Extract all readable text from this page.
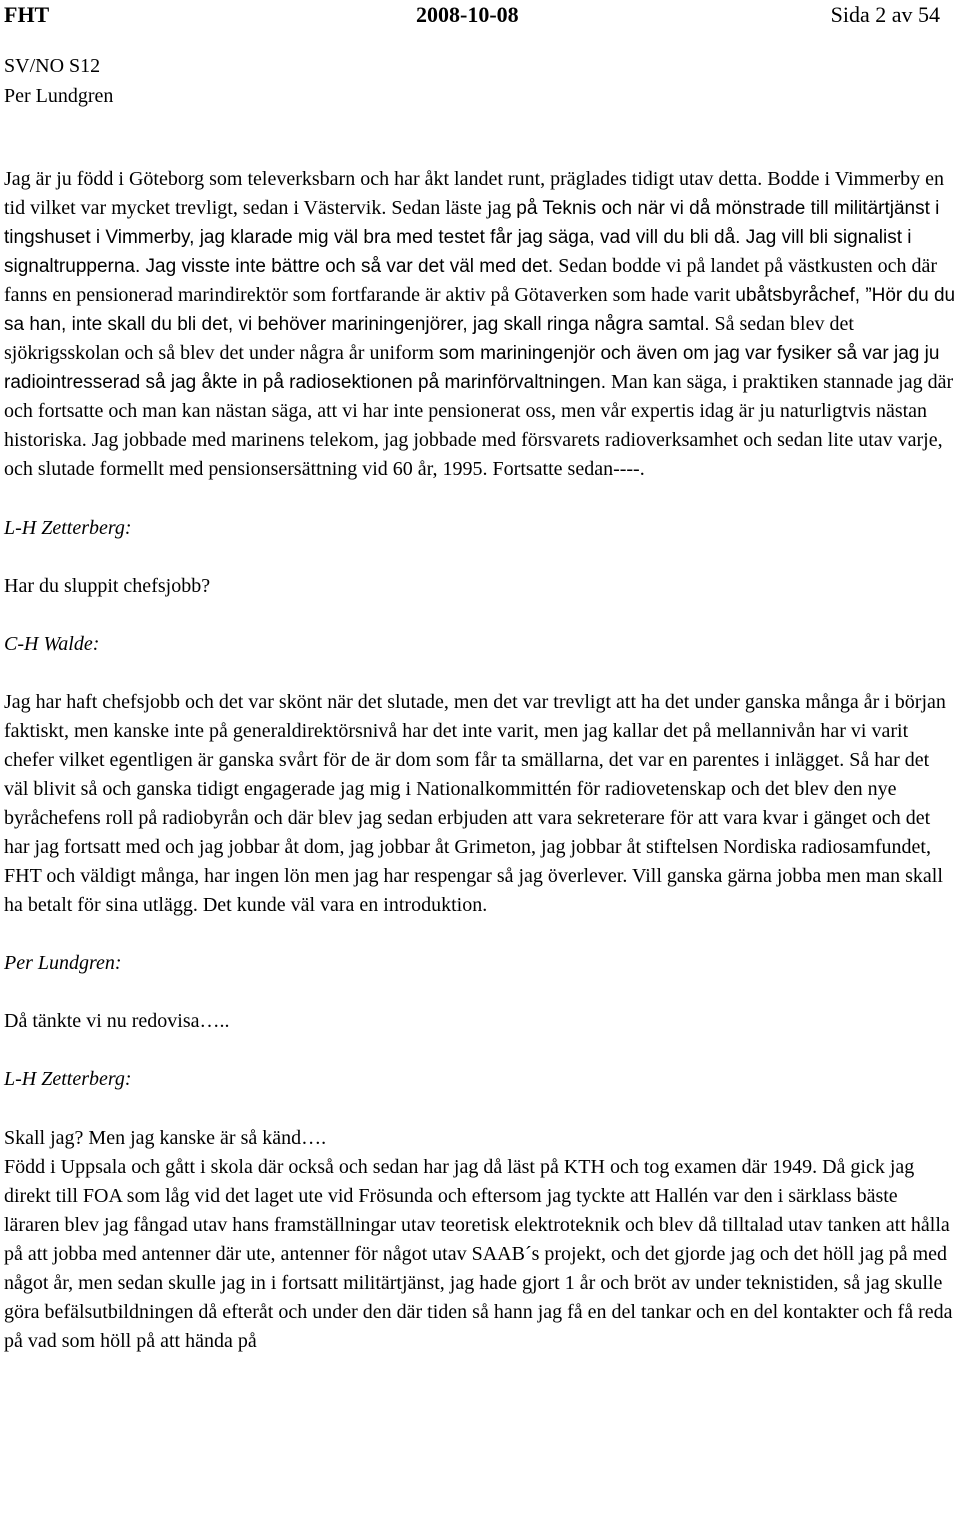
FHT	2008-10-08	Sida 2 av 54
SV/NO S12
Per Lundgren

Jag är ju född i Göteborg som televerksbarn och har åkt landet runt, präglades tidigt utav detta. Bodde i Vimmerby en tid vilket var mycket trevligt, sedan i Västervik. Sedan läste jag på Teknis och när vi då mönstrade till militärtjänst i tingshuset i Vimmerby, jag klarade mig väl bra med testet får jag säga, vad vill du bli då. Jag vill bli signalist i signaltrupperna. Jag visste inte bättre och så var det väl med det. Sedan bodde vi på landet på västkusten och där fanns en pensionerad marindirektör som fortfarande är aktiv på Götaverken som hade varit ubåtsbyråchef, ”Hör du du sa han, inte skall du bli det, vi behöver mariningenjörer, jag skall ringa några samtal. Så sedan blev det sjökrigsskolan och så blev det under några år uniform som mariningenjör och även om jag var fysiker så var jag ju radiointresserad så jag åkte in på radiosektionen på marinförvaltningen. Man kan säga, i praktiken stannade jag där och fortsatte och man kan nästan säga, att vi har inte pensionerat oss, men vår expertis idag är ju naturligtvis nästan historiska. Jag jobbade med marinens telekom, jag jobbade med försvarets radioverksamhet och sedan lite utav varje, och slutade formellt med pensionsersättning vid 60 år, 1995. Fortsatte sedan----.

L-H Zetterberg:

Har du sluppit chefsjobb?

C-H Walde:

Jag har haft chefsjobb och det var skönt när det slutade, men det var trevligt att ha det under ganska många år i början faktiskt, men kanske inte på generaldirektörsnivå har det inte varit, men jag kallar det på mellannivån har vi varit chefer vilket egentligen är ganska svårt för de är dom som får ta smällarna, det var en parentes i inlägget. Så har det väl blivit så och ganska tidigt engagerade jag mig i Nationalkommittén för radiovetenskap och det blev den nye byråchefens roll på radiobyrån och där blev jag sedan erbjuden att vara sekreterare för att vara kvar i gänget och det har jag fortsatt med och jag jobbar åt dom, jag jobbar åt Grimeton, jag jobbar åt stiftelsen Nordiska radiosamfundet, FHT och väldigt många, har ingen lön men jag har respengar så jag överlever. Vill ganska gärna jobba men man skall ha betalt för sina utlägg. Det kunde väl vara en introduktion.

Per Lundgren:

Då tänkte vi nu redovisa…..

L-H Zetterberg:

Skall jag? Men jag kanske är så känd….

Född i Uppsala och gått i skola där också och sedan har jag då läst på KTH och tog examen där 1949. Då gick jag direkt till FOA som låg vid det laget ute vid Frösunda och eftersom jag tyckte att Hallén var den i särklass bäste läraren blev jag fångad utav hans framställningar utav teoretisk elektroteknik och blev då tilltalad utav tanken att hålla på att jobba med antenner där ute, antenner för något utav SAAB´s projekt, och det gjorde jag och det höll jag på med något år, men sedan skulle jag in i fortsatt militärtjänst, jag hade gjort 1 år och bröt av under teknistiden, så jag skulle göra befälsutbildningen då efteråt och under den där tiden så hann jag få en del tankar och en del kontakter och få reda på vad som höll på att hända på
